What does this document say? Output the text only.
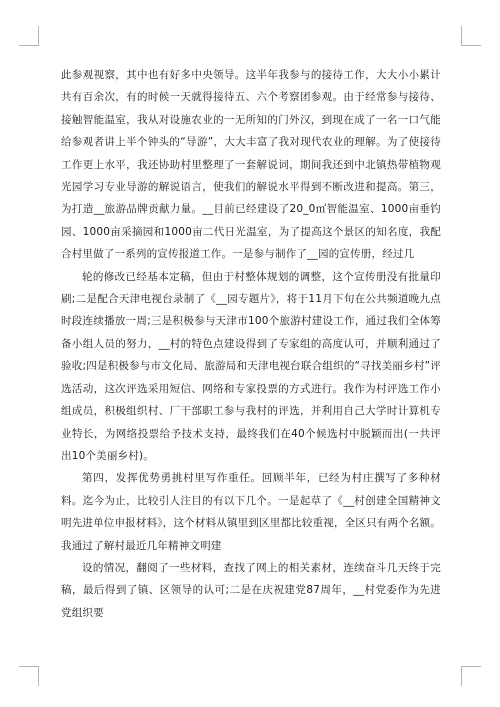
此参观视察，其中也有好多中央领导。这半年我参与的接待工作，大大小小累计共有百余次，有的时候一天就得接待五、六个考察团参观。由于经常参与接待、接触智能温室，我从对设施农业的一无所知的门外汉，到现在成了一名一口气能给参观者讲上半个钟头的“导游”，大大丰富了我对现代农业的理解。为了使接待工作更上水平，我还协助村里整理了一套解说词，期间我还到中北镇热带植物观光园学习专业导游的解说语言，使我们的解说水平得到不断改进和提高。第三，为打造__旅游品牌贡献力量。__目前已经建设了20_0㎡智能温室、1000亩垂钓园、1000亩采摘园和1000亩二代日光温室，为了提高这个景区的知名度，我配合村里做了一系列的宣传报道工作。一是参与制作了__园的宣传册，经过几

轮的修改已经基本定稿，但由于村整体规划的调整，这个宣传册没有批量印刷;二是配合天津电视台录制了《__园专题片》，将于11月下旬在公共频道晚九点时段连续播放一周;三是积极参与天津市100个旅游村建设工作，通过我们全体筹备小组人员的努力，__村的特色点建设得到了专家组的高度认可，并顺利通过了验收;四是积极参与市文化局、旅游局和天津电视台联合组织的“寻找美丽乡村”评选活动，这次评选采用短信、网络和专家投票的方式进行。我作为村评选工作小组成员，积极组织村、厂干部职工参与我村的评选，并利用自己大学时计算机专业特长，为网络投票给予技术支持，最终我们在40个候选村中脱颖而出(一共评出10个美丽乡村)。

第四，发挥优势勇挑村里写作重任。回顾半年，已经为村庄撰写了多种材料。迄今为止，比较引人注目的有以下几个。一是起草了《__村创建全国精神文明先进单位申报材料》，这个材料从镇里到区里都比较重视，全区只有两个名额。我通过了解村最近几年精神文明建

设的情况，翻阅了一些材料，查找了网上的相关素材，连续奋斗几天终于完稿，最后得到了镇、区领导的认可;二是在庆祝建党87周年，__村党委作为先进党组织要
